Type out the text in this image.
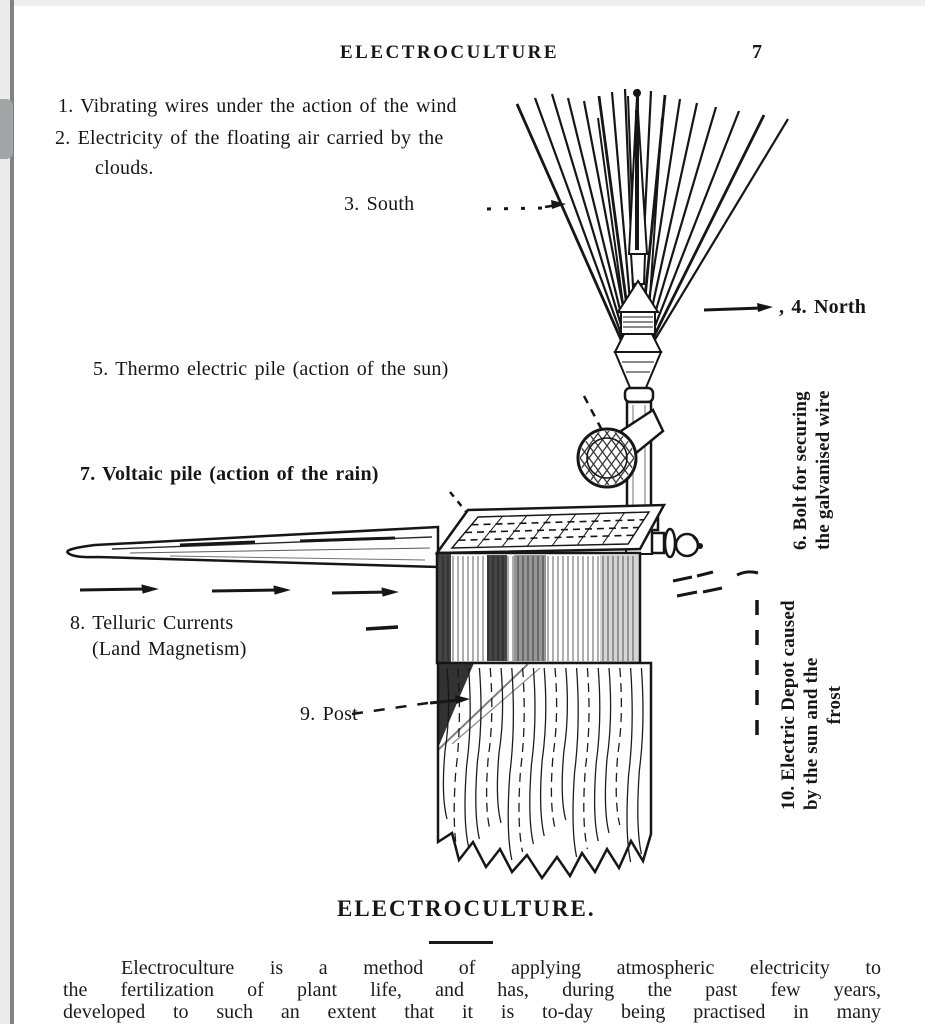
ELECTROCULTURE	7
1. Vibrating wires under the action of the wind
2. Electricity of the floating air carried by the
clouds.
3. South
, 4. North
5. Thermo electric pile (action of the sun)
7. Voltaic pile (action of the rain)
8. Telluric Currents
(Land Magnetism)
9. Post
6. Bolt for securing the galvanised wire
10. Electric Depot caused by the sun and the frost
ELECTROCULTURE.
Electroculture is a method of applying atmospheric electricity to
the fertilization of plant life, and has, during the past few years,
developed to such an extent that it is to-day being practised in many
